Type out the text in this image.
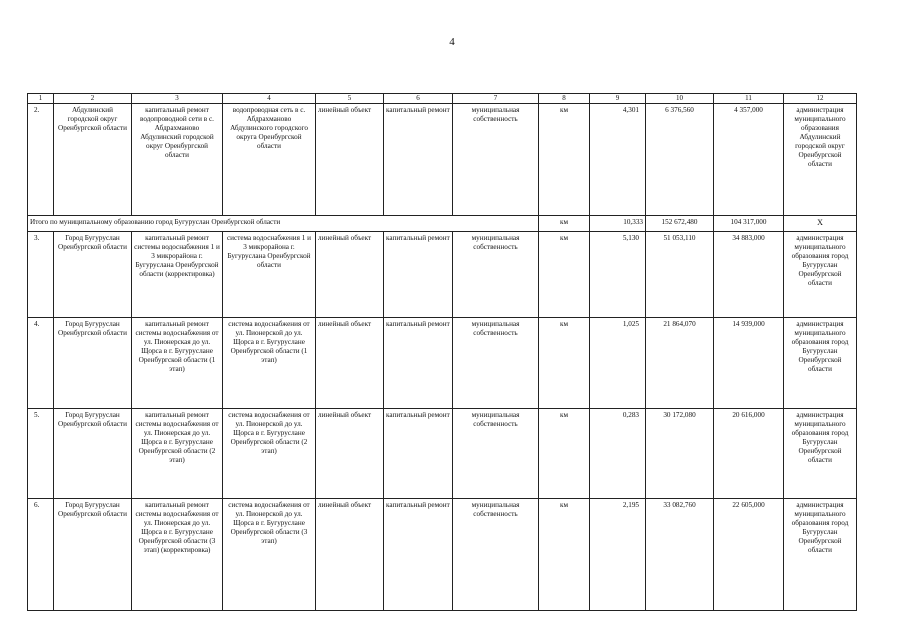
4
1	2	3	4	5	6	7	8	9	10	11	12
2.	Абдулинский городской округ Оренбургской области	капитальный ремонт водопроводной сети в с. Абдрахманово Абдулинский городской округ Оренбургской области	водопроводная сеть в с. Абдрахманово Абдулинского городского округа Оренбургской области	линейный объект	капитальный ремонт	муниципальная собственность	км	4,301	6 376,560	4 357,000	администрация муниципального образования Абдулинский городской округ Оренбургской области
Итого по муниципальному образованию город Бугуруслан Оренбургской области							км	10,333	152 672,480	104 317,000	X
3.	Город Бугуруслан Оренбургской области	капитальный ремонт системы водоснабжения 1 и 3 микрорайона г. Бугуруслана Оренбургской области (корректировка)	система водоснабжения 1 и 3 микрорайона г. Бугуруслана Оренбургской области	линейный объект	капитальный ремонт	муниципальная собственность	км	5,130	51 053,110	34 883,000	администрация муниципального образования город Бугуруслан Оренбургской области
4.	Город Бугуруслан Оренбургской области	капитальный ремонт системы водоснабжения от ул. Пионерская до ул. Щорса в г. Бугуруслане Оренбургской области (1 этап)	система водоснабжения от ул. Пионерской до ул. Щорса в г. Бугуруслане Оренбургской области (1 этап)	линейный объект	капитальный ремонт	муниципальная собственность	км	1,025	21 864,070	14 939,000	администрация муниципального образования город Бугуруслан Оренбургской области
5.	Город Бугуруслан Оренбургской области	капитальный ремонт системы водоснабжения от ул. Пионерская до ул. Щорса в г. Бугуруслане Оренбургской области (2 этап)	система водоснабжения от ул. Пионерской до ул. Щорса в г. Бугуруслане Оренбургской области (2 этап)	линейный объект	капитальный ремонт	муниципальная собственность	км	0,283	30 172,080	20 616,000	администрация муниципального образования город Бугуруслан Оренбургской области
6.	Город Бугуруслан Оренбургской области	капитальный ремонт системы водоснабжения от ул. Пионерская до ул. Щорса в г. Бугуруслане Оренбургской области (3 этап) (корректировка)	система водоснабжения от ул. Пионерской до ул. Щорса в г. Бугуруслане Оренбургской области (3 этап)	линейный объект	капитальный ремонт	муниципальная собственность	км	2,195	33 082,760	22 605,000	администрация муниципального образования город Бугуруслан Оренбургской области
